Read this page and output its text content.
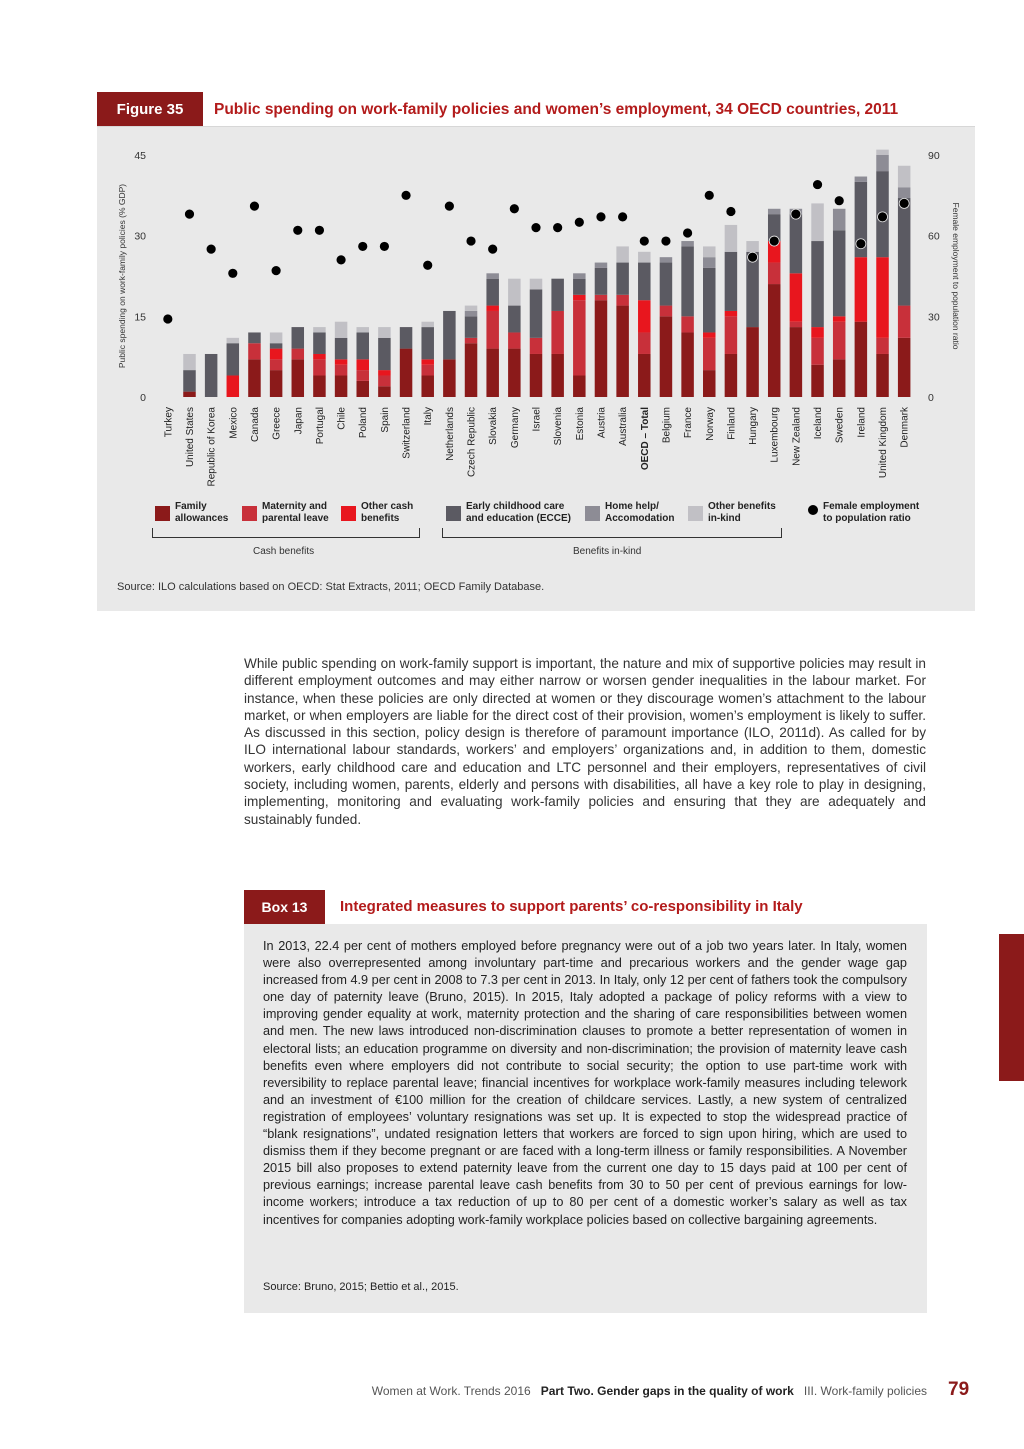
Figure 35	Public spending on work-family policies and women’s employment, 34 OECD countries, 2011
0
15
30
45
0
30
60
90
Public spending on work-family policies (% GDP)	Female employment to population ratio
Turkey United States Republic of Korea Mexico Canada Greece Japan Portugal Chile Poland Spain Switzerland Italy Netherlands Czech Republic Slovakia Germany Israel Slovenia Estonia Austria Australia OECD – Total Belgium France Norway Finland Hungary Luxembourg New Zealand Iceland Sweden Ireland United Kingdom Denmark
Family
allowances
Maternity and
parental leave
Other cash
benefits
Early childhood care
and education (ECCE)
Home help/
Accomodation
Other benefits
in-kind
Female employment
to population ratio
Cash benefits	Benefits in-kind
Source: ILO calculations based on OECD: Stat Extracts, 2011; OECD Family Database.
While public spending on work-family support is important, the nature and mix of supportive policies may result in different employment outcomes and may either narrow or worsen gender inequalities in the labour market. For instance, when these policies are only directed at women or they discourage women’s attachment to the labour market, or when employers are liable for the direct cost of their provision, women’s employment is likely to suffer. As discussed in this section, policy design is therefore of paramount importance (ILO, 2011d). As called for by ILO international labour standards, workers’ and employers’ organizations and, in addition to them, domestic workers, early childhood care and education and LTC personnel and their employers, representatives of civil society, including women, parents, elderly and persons with disabilities, all have a key role to play in designing, implementing, monitoring and evaluating work-family policies and ensuring that they are adequately and sustainably funded.
Box 13	Integrated measures to support parents’ co-responsibility in Italy
In 2013, 22.4 per cent of mothers employed before pregnancy were out of a job two years later. In Italy, women were also overrepresented among involuntary part-time and precarious workers and the gender wage gap increased from 4.9 per cent in 2008 to 7.3 per cent in 2013. In Italy, only 12 per cent of fathers took the compulsory one day of paternity leave (Bruno, 2015). In 2015, Italy adopted a package of policy reforms with a view to improving gender equality at work, maternity protection and the sharing of care responsibilities between women and men. The new laws introduced non-discrimination clauses to promote a better representation of women in electoral lists; an education programme on diversity and non-discrimination; the provision of maternity leave cash benefits even where employers did not contribute to social security; the option to use part-time work with reversibility to replace parental leave; financial incentives for workplace work-family measures including telework and an investment of €100 million for the creation of childcare services. Lastly, a new system of centralized registration of employees’ voluntary resignations was set up. It is expected to stop the widespread practice of “blank resignations”, undated resignation letters that workers are forced to sign upon hiring, which are used to dismiss them if they become pregnant or are faced with a long-term illness or family responsibilities. A November 2015 bill also proposes to extend paternity leave from the current one day to 15 days paid at 100 per cent of previous earnings; increase parental leave cash benefits from 30 to 50 per cent of previous earnings for low-income workers; introduce a tax reduction of up to 80 per cent of a domestic worker’s salary as well as tax incentives for companies adopting work-family workplace policies based on collective bargaining agreements.
Source: Bruno, 2015; Bettio et al., 2015.
Women at Work. Trends 2016 Part Two. Gender gaps in the quality of work III. Work-family policies 79
